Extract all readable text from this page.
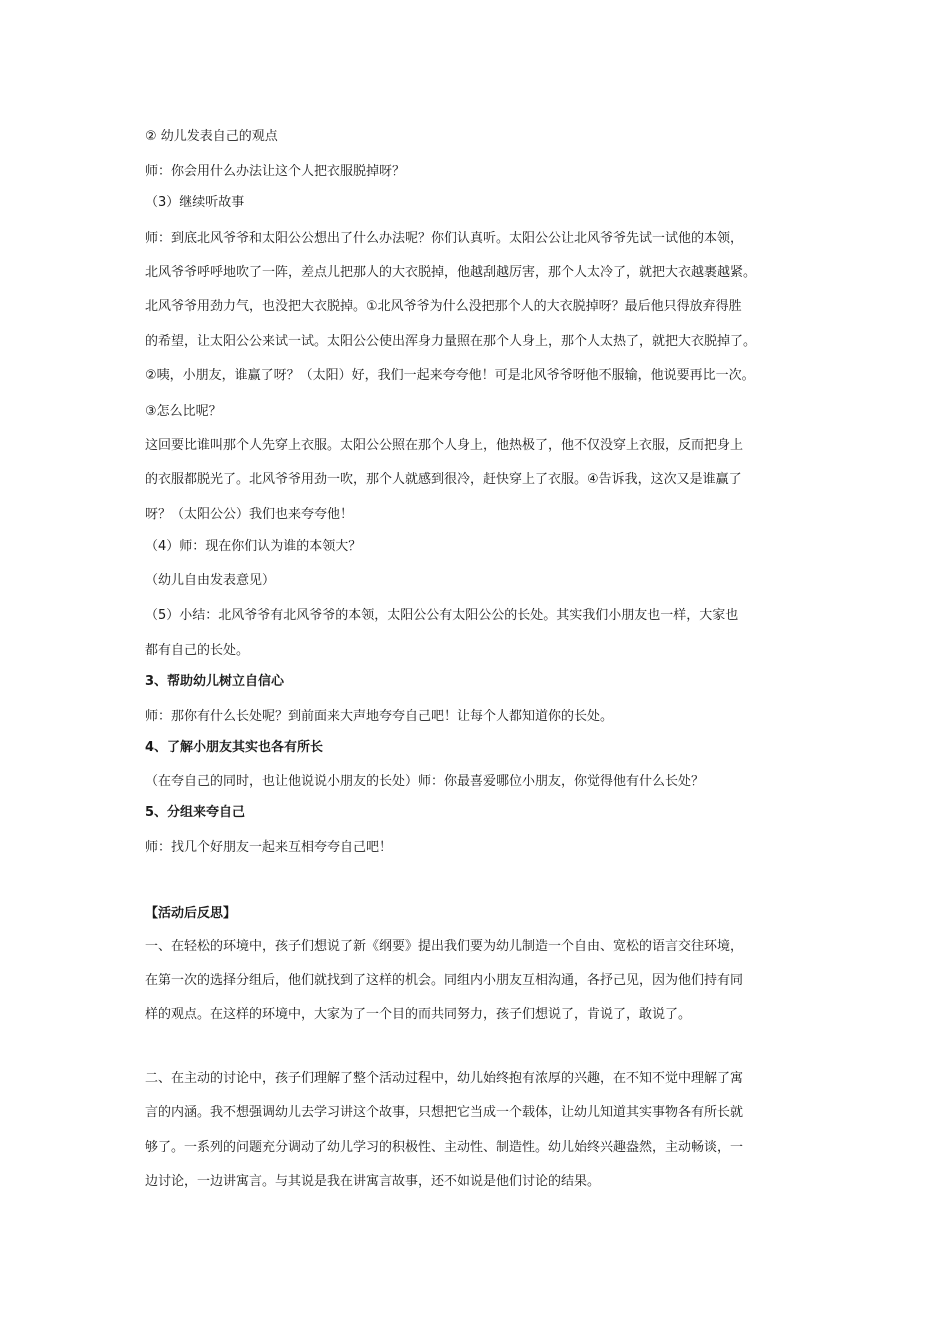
② 幼儿发表自己的观点
师：你会用什么办法让这个人把衣服脱掉呀？
（3）继续听故事
师：到底北风爷爷和太阳公公想出了什么办法呢？你们认真听。太阳公公让北风爷爷先试一试他的本领，
北风爷爷呼呼地吹了一阵，差点儿把那人的大衣脱掉，他越刮越厉害，那个人太冷了，就把大衣越裹越紧。
北风爷爷用劲力气，也没把大衣脱掉。①北风爷爷为什么没把那个人的大衣脱掉呀？最后他只得放弃得胜
的希望，让太阳公公来试一试。太阳公公使出浑身力量照在那个人身上，那个人太热了，就把大衣脱掉了。
②咦，小朋友，谁赢了呀？（太阳）好，我们一起来夸夸他！可是北风爷爷呀他不服输，他说要再比一次。
③怎么比呢？
这回要比谁叫那个人先穿上衣服。太阳公公照在那个人身上，他热极了，他不仅没穿上衣服，反而把身上
的衣服都脱光了。北风爷爷用劲一吹，那个人就感到很冷，赶快穿上了衣服。④告诉我，这次又是谁赢了
呀？（太阳公公）我们也来夸夸他！
（4）师：现在你们认为谁的本领大？
（幼儿自由发表意见）
（5）小结：北风爷爷有北风爷爷的本领，太阳公公有太阳公公的长处。其实我们小朋友也一样，大家也
都有自己的长处。
3、帮助幼儿树立自信心
师：那你有什么长处呢？到前面来大声地夸夸自己吧！让每个人都知道你的长处。
4、了解小朋友其实也各有所长
（在夸自己的同时，也让他说说小朋友的长处）师：你最喜爱哪位小朋友，你觉得他有什么长处？
5、分组来夸自己
师：找几个好朋友一起来互相夸夸自己吧！
【活动后反思】
一、在轻松的环境中，孩子们想说了新《纲要》提出我们要为幼儿制造一个自由、宽松的语言交往环境，
在第一次的选择分组后，他们就找到了这样的机会。同组内小朋友互相沟通，各抒己见，因为他们持有同
样的观点。在这样的环境中，大家为了一个目的而共同努力，孩子们想说了，肯说了，敢说了。
二、在主动的讨论中，孩子们理解了整个活动过程中，幼儿始终抱有浓厚的兴趣，在不知不觉中理解了寓
言的内涵。我不想强调幼儿去学习讲这个故事，只想把它当成一个载体，让幼儿知道其实事物各有所长就
够了。一系列的问题充分调动了幼儿学习的积极性、主动性、制造性。幼儿始终兴趣盎然，主动畅谈，一
边讨论，一边讲寓言。与其说是我在讲寓言故事，还不如说是他们讨论的结果。
